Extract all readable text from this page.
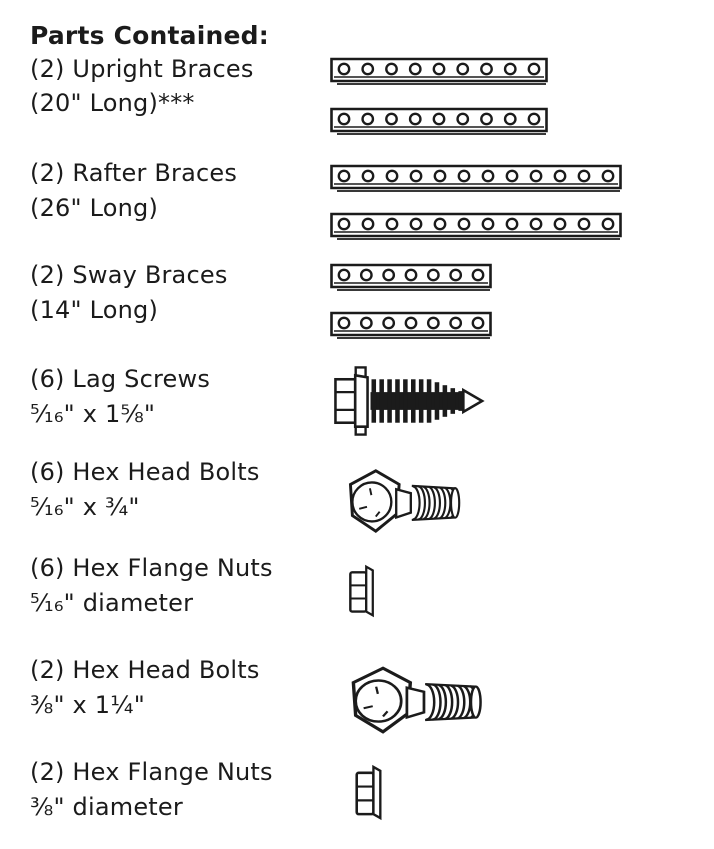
Parts Contained:
(2) Upright Braces
(20" Long)***
(2) Rafter Braces
(26" Long)
(2) Sway Braces
(14" Long)
(6) Lag Screws
⁵⁄₁₆" x 1⅝"
(6) Hex Head Bolts
⁵⁄₁₆" x ¾"
(6) Hex Flange Nuts
⁵⁄₁₆" diameter
(2) Hex Head Bolts
⅜" x 1¼"
(2) Hex Flange Nuts
⅜" diameter
